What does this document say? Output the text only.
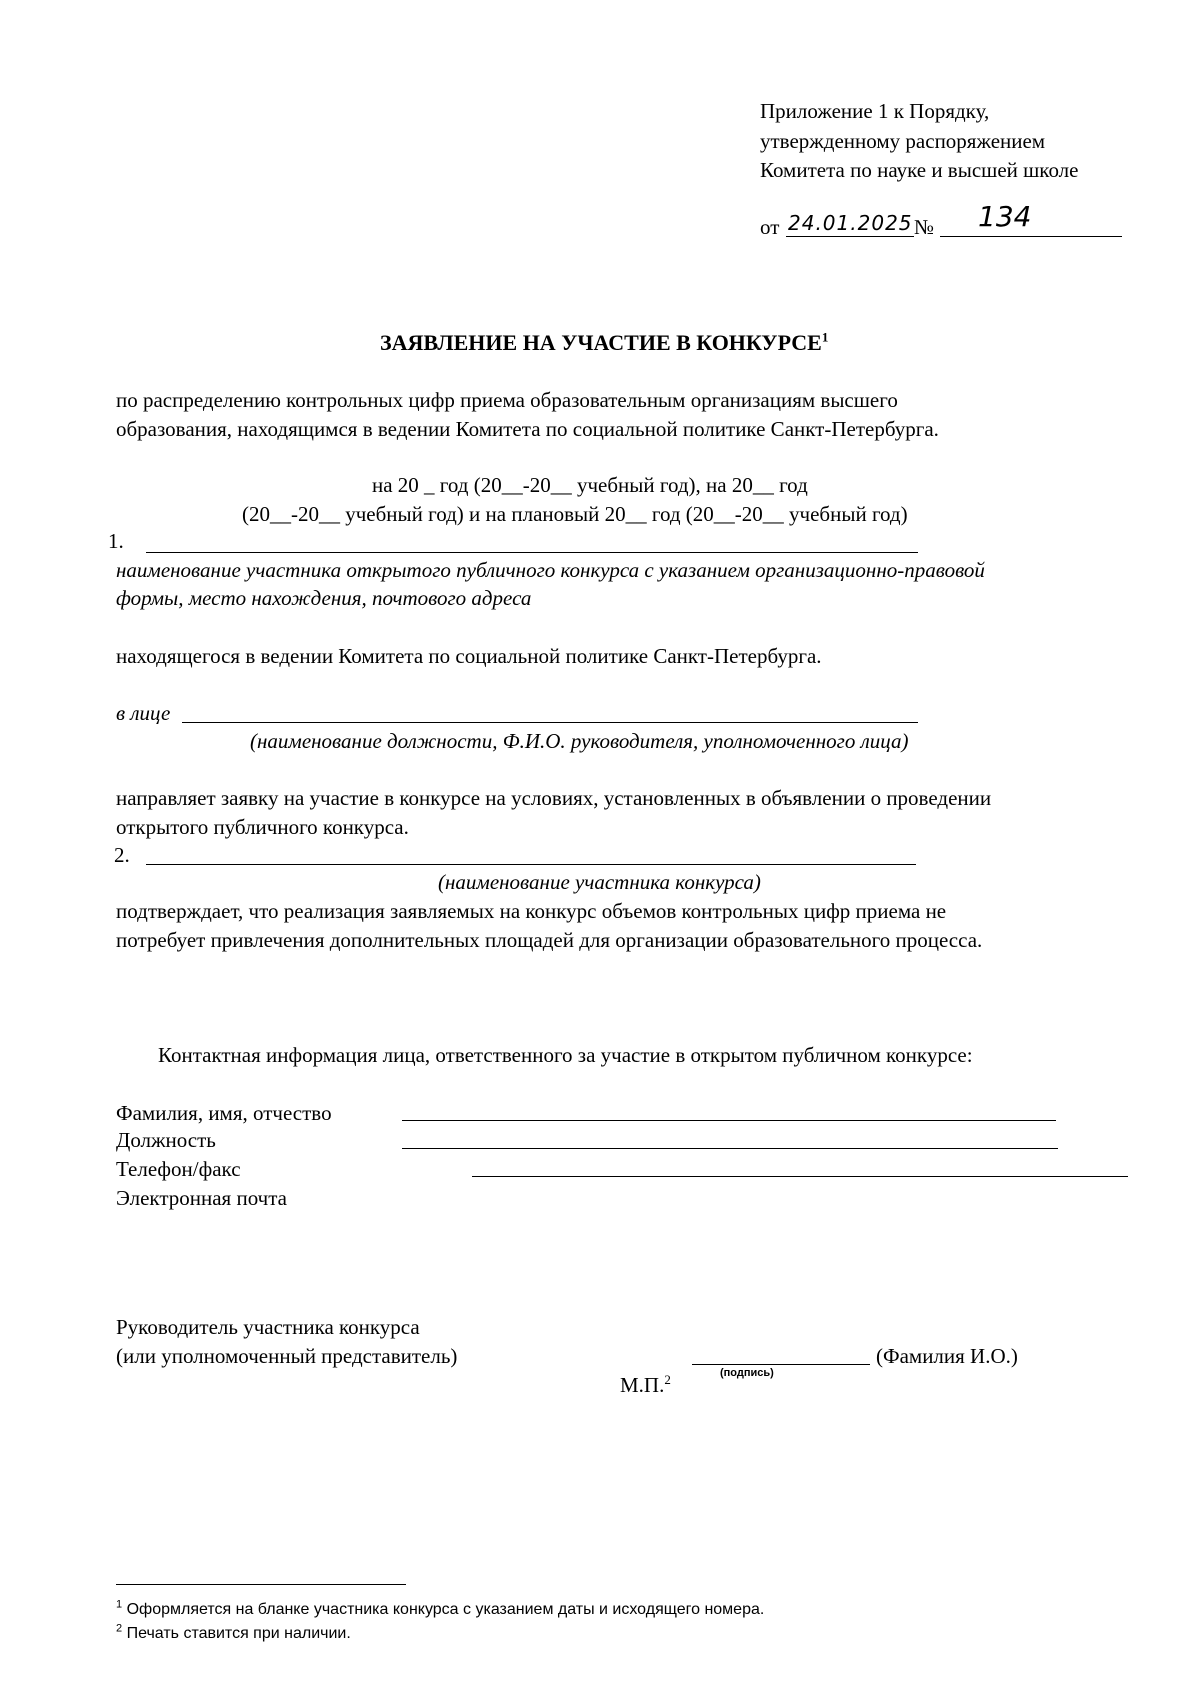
Приложение 1 к Порядку,
утвержденному распоряжением
Комитета по науке и высшей школе
от 24.01.2025 № 134
ЗАЯВЛЕНИЕ НА УЧАСТИЕ В КОНКУРСЕ$^1$
по распределению контрольных цифр приема образовательным организациям высшего
образования, находящимся в ведении Комитета по социальной политике Санкт-Петербурга.
на 20 _ год (20__-20__ учебный год), на 20__ год
(20__-20__ учебный год) и на плановый 20__ год (20__-20__ учебный год)
1.
наименование участника открытого публичного конкурса с указанием организационно-правовой
формы, место нахождения, почтового адреса
находящегося в ведении Комитета по социальной политике Санкт-Петербурга.
в лице
(наименование должности, Ф.И.О. руководителя, уполномоченного лица)
направляет заявку на участие в конкурсе на условиях, установленных в объявлении о проведении
открытого публичного конкурса.
2.
(наименование участника конкурса)
подтверждает, что реализация заявляемых на конкурс объемов контрольных цифр приема не
потребует привлечения дополнительных площадей для организации образовательного процесса.
Контактная информация лица, ответственного за участие в открытом публичном конкурсе:
Фамилия, имя, отчество
Должность
Телефон/факс
Электронная почта
Руководитель участника конкурса
(или уполномоченный представитель)	(Фамилия И.О.)
М.П.$^2$	(подпись)
$^1$ Оформляется на бланке участника конкурса с указанием даты и исходящего номера.
$^2$ Печать ставится при наличии.
